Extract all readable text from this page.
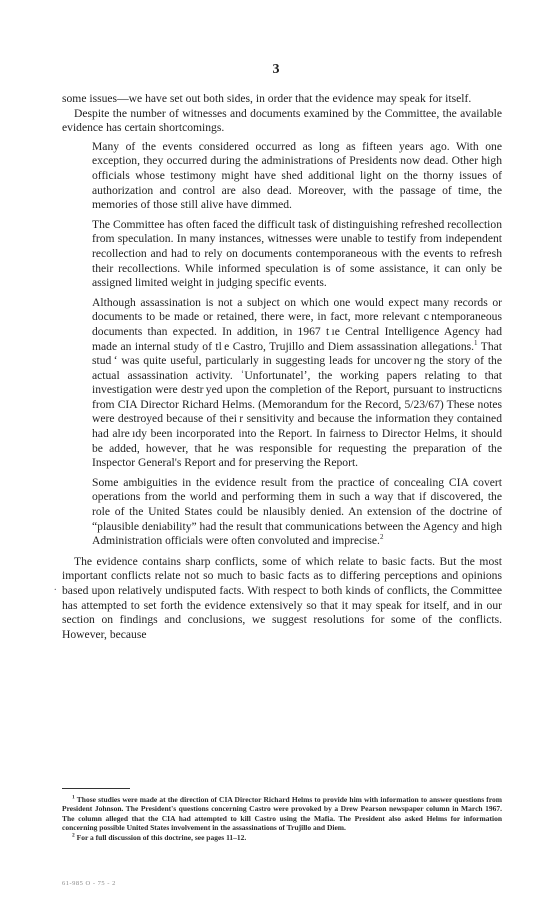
3

some issues—we have set out both sides, in order that the evidence may speak for itself.

Despite the number of witnesses and documents examined by the Committee, the available evidence has certain shortcomings.

Many of the events considered occurred as long as fifteen years ago. With one exception, they occurred during the administrations of Presidents now dead. Other high officials whose testimony might have shed additional light on the thorny issues of authorization and control are also dead. Moreover, with the passage of time, the memories of those still alive have dimmed.

The Committee has often faced the difficult task of distinguishing refreshed recollection from speculation. In many instances, witnesses were unable to testify from independent recollection and had to rely on documents contemporaneous with the events to refresh their recollections. While informed speculation is of some assistance, it can only be assigned limited weight in judging specific events.

Although assassination is not a subject on which one would expect many records or documents to be made or retained, there were, in fact, more relevant c ntemporaneous documents than expected. In addition, in 1967 t ıe Central Intelligence Agency had made an internal study of tl e Castro, Trujillo and Diem assassination allegations.$^1$ That stud ʻ was quite useful, particularly in suggesting leads for uncover ng the story of the actual assassination activity. ʿUnfortunatelʼ, the working papers relating to that investigation were destr yed upon the completion of the Report, pursuant to instructicns from CIA Director Richard Helms. (Memorandum for the Record, 5/23/67) These notes were destroyed because of thei r sensitivity and because the information they contained had alre ıdy been incorporated into the Report. In fairness to Director Helms, it should be added, however, that he was responsible for requesting the preparation of the Inspector General's Report and for preserving the Report.

Some ambiguities in the evidence result from the practice of concealing CIA covert operations from the world and performing them in such a way that if discovered, the role of the United States could be nlausibly denied. An extension of the doctrine of “plausible deniability” had the result that communications between the Agency and high Administration officials were often convoluted and imprecise.$^2$

The evidence contains sharp conflicts, some of which relate to basic facts. But the most important conflicts relate not so much to basic facts as to differing perceptions and opinions based upon relatively undisputed facts. With respect to both kinds of conflicts, the Committee has attempted to set forth the evidence extensively so that it may speak for itself, and in our section on findings and conclusions, we suggest resolutions for some of the conflicts. However, because

.

$^1$ Those studies were made at the direction of CIA Director Richard Helms to provide him with information to answer questions from President Johnson. The President's questions concerning Castro were provoked by a Drew Pearson newspaper column in March 1967. The column alleged that the CIA had attempted to kill Castro using the Mafia. The President also asked Helms for information concerning possible United States involvement in the assassinations of Trujillo and Diem.

$^2$ For a full discussion of this doctrine, see pages 11–12.

61-985 O - 75 - 2
